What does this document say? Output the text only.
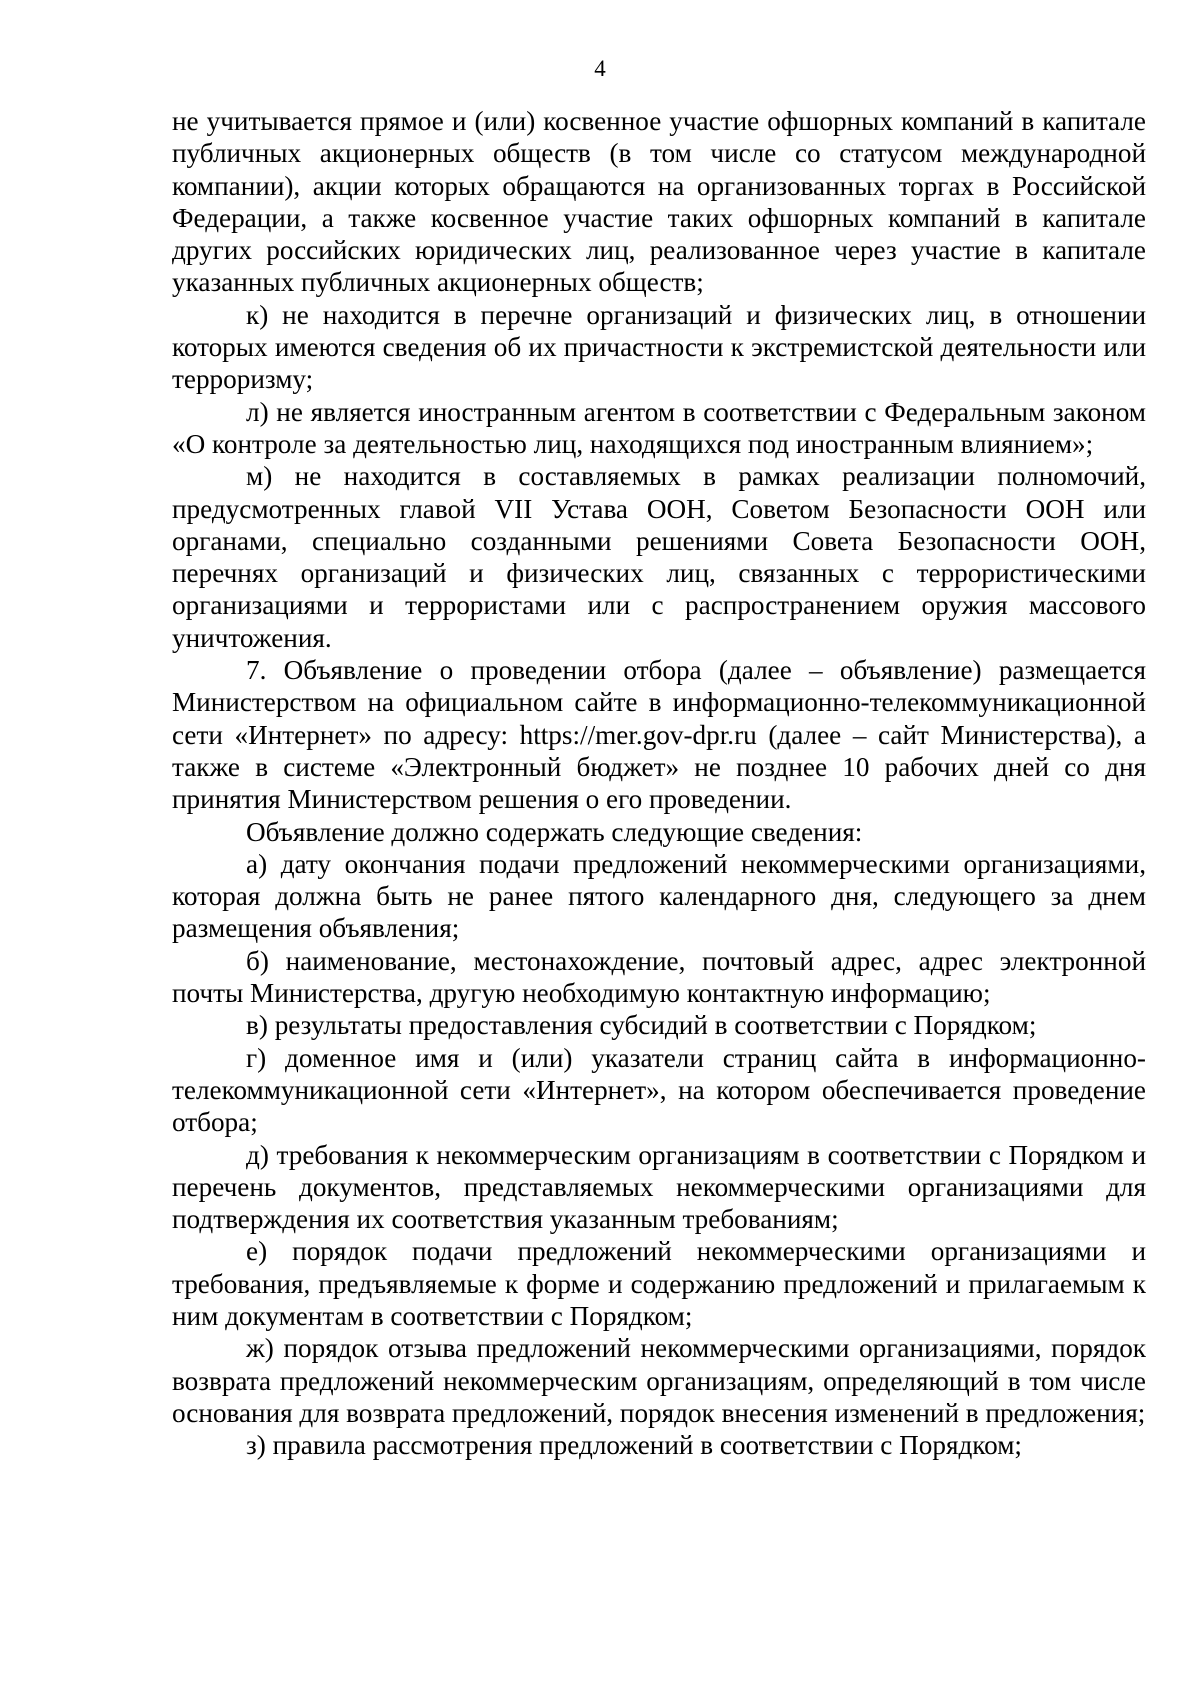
4

не учитывается прямое и (или) косвенное участие офшорных компаний в капитале публичных акционерных обществ (в том числе со статусом международной компании), акции которых обращаются на организованных торгах в Российской Федерации, а также косвенное участие таких офшорных компаний в капитале других российских юридических лиц, реализованное через участие в капитале указанных публичных акционерных обществ;

к) не находится в перечне организаций и физических лиц, в отношении которых имеются сведения об их причастности к экстремистской деятельности или терроризму;

л) не является иностранным агентом в соответствии с Федеральным законом «О контроле за деятельностью лиц, находящихся под иностранным влиянием»;

м) не находится в составляемых в рамках реализации полномочий, предусмотренных главой VII Устава ООН, Советом Безопасности ООН или органами, специально созданными решениями Совета Безопасности ООН, перечнях организаций и физических лиц, связанных с террористическими организациями и террористами или с распространением оружия массового уничтожения.

7. Объявление о проведении отбора (далее – объявление) размещается Министерством на официальном сайте в информационно-телекоммуникационной сети «Интернет» по адресу: https://mer.gov-dpr.ru (далее – сайт Министерства), а также в системе «Электронный бюджет» не позднее 10 рабочих дней со дня принятия Министерством решения о его проведении.

Объявление должно содержать следующие сведения:

а) дату окончания подачи предложений некоммерческими организациями, которая должна быть не ранее пятого календарного дня, следующего за днем размещения объявления;

б) наименование, местонахождение, почтовый адрес, адрес электронной почты Министерства, другую необходимую контактную информацию;

в) результаты предоставления субсидий в соответствии с Порядком;

г) доменное имя и (или) указатели страниц сайта в информационно-телекоммуникационной сети «Интернет», на котором обеспечивается проведение отбора;

д) требования к некоммерческим организациям в соответствии с Порядком и перечень документов, представляемых некоммерческими организациями для подтверждения их соответствия указанным требованиям;

е) порядок подачи предложений некоммерческими организациями и требования, предъявляемые к форме и содержанию предложений и прилагаемым к ним документам в соответствии с Порядком;

ж) порядок отзыва предложений некоммерческими организациями, порядок возврата предложений некоммерческим организациям, определяющий в том числе основания для возврата предложений, порядок внесения изменений в предложения;

з) правила рассмотрения предложений в соответствии с Порядком;
